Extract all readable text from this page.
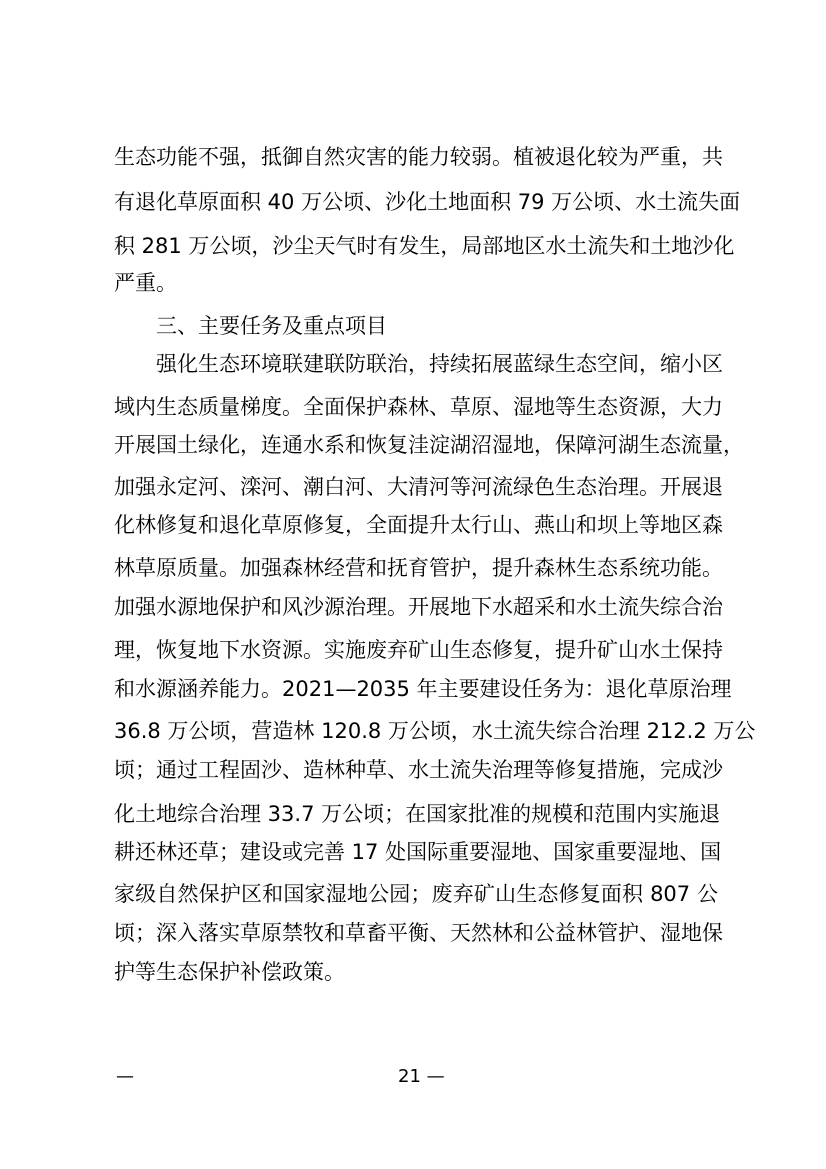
生态功能不强，抵御自然灾害的能力较弱。植被退化较为严重，共
有退化草原面积 40 万公顷、沙化土地面积 79 万公顷、水土流失面
积 281 万公顷，沙尘天气时有发生，局部地区水土流失和土地沙化
严重。
三、主要任务及重点项目
强化生态环境联建联防联治，持续拓展蓝绿生态空间，缩小区
域内生态质量梯度。全面保护森林、草原、湿地等生态资源，大力
开展国土绿化，连通水系和恢复洼淀湖沼湿地，保障河湖生态流量，
加强永定河、滦河、潮白河、大清河等河流绿色生态治理。开展退
化林修复和退化草原修复，全面提升太行山、燕山和坝上等地区森
林草原质量。加强森林经营和抚育管护，提升森林生态系统功能。
加强水源地保护和风沙源治理。开展地下水超采和水土流失综合治
理，恢复地下水资源。实施废弃矿山生态修复，提升矿山水土保持
和水源涵养能力。2021—2035 年主要建设任务为：退化草原治理
36.8 万公顷，营造林 120.8 万公顷，水土流失综合治理 212.2 万公
顷；通过工程固沙、造林种草、水土流失治理等修复措施，完成沙
化土地综合治理 33.7 万公顷；在国家批准的规模和范围内实施退
耕还林还草；建设或完善 17 处国际重要湿地、国家重要湿地、国
家级自然保护区和国家湿地公园；废弃矿山生态修复面积 807 公
顷；深入落实草原禁牧和草畜平衡、天然林和公益林管护、湿地保
护等生态保护补偿政策。
—	21 —
